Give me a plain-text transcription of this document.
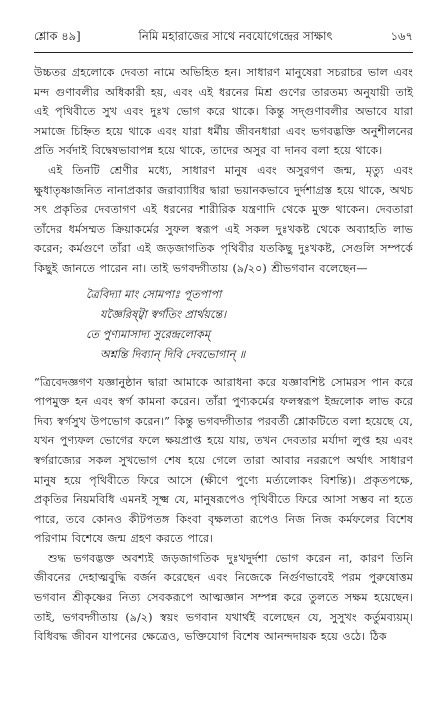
শ্লোক ৪৯]	নিমি মহারাজের সাথে নবযোগেন্দ্রের সাক্ষাৎ	১৬৭

উচ্চতর গ্রহলোকে দেবতা নামে অভিহিত হন। সাধারণ মানুষেরা সচরাচর ভাল এবং মন্দ গুণাবলীর অধিকারী হয়, এবং এই ধরনের মিশ্র গুণের তারতম্য অনুযায়ী তাই এই পৃথিবীতে সুখ এবং দুঃখ ভোগ করে থাকে। কিন্তু সদ্গুণাবলীর অভাবে যারা সমাজে চিহ্নিত হয়ে থাকে এবং যারা ধর্মীয় জীবনধারা এবং ভগবদ্ভক্তি অনুশীলনের প্রতি সর্বদাই বিদ্বেষভাবাপন্ন হয়ে থাকে, তাদের অসুর বা দানব বলা হয়ে থাকে।

এই তিনটি শ্রেণীর মধ্যে, সাধারণ মানুষ এবং অসুরগণ জন্ম, মৃত্যু এবং ক্ষুধাতৃষ্ণাজনিত নানাপ্রকার জরাব্যাধির দ্বারা ভয়ানকভাবে দুর্দশাগ্রস্ত হয়ে থাকে, অথচ সৎ প্রকৃতির দেবতাগণ এই ধরনের শারীরিক যন্ত্রণাদি থেকে মুক্ত থাকেন। দেবতারা তাঁদের ধর্মসম্মত ক্রিয়াকর্মের সুফল স্বরূপ এই সকল দুঃখকষ্ট থেকে অব্যাহতি লাভ করেন; কর্মগুণে তাঁরা এই জড়জাগতিক পৃথিবীর যতকিছু দুঃখকষ্ট, সেগুলি সম্পর্কে কিছুই জানতে পারেন না। তাই ভগবদ্গীতায় (৯/২০) শ্রীভগবান বলেছেন—

ত্রৈবিদ্যা মাং সোমপাঃ পূতপাপা
যজ্ঞৈরিষ্ট্বা স্বর্গতিং প্রার্থয়ন্তে।
তে পুণ্যমাসাদ্য সুরেন্দ্রলোকম্
অশ্নন্তি দিব্যান্ দিবি দেবভোগান্ ॥

“ত্রিবেদজ্ঞগণ যজ্ঞানুষ্ঠান দ্বারা আমাকে আরাধনা করে যজ্ঞাবশিষ্ট সোমরস পান করে পাপমুক্ত হন এবং স্বর্গ কামনা করেন। তাঁরা পুণ্যকর্মের ফলস্বরূপ ইন্দ্রলোক লাভ করে দিব্য স্বর্গসুখ উপভোগ করেন।” কিন্তু ভগবদ্গীতার পরবর্তী শ্লোকটিতে বলা হয়েছে যে, যখন পুণ্যফল ভোগের ফলে ক্ষয়প্রাপ্ত হয়ে যায়, তখন দেবতার মর্যাদা লুপ্ত হয় এবং স্বর্গরাজ্যের সকল সুখভোগ শেষ হয়ে গেলে তারা আবার নররূপে অর্থাৎ সাধারণ মানুষ হয়ে পৃথিবীতে ফিরে আসে (ক্ষীণে পুণ্যে মর্ত্যলোকং বিশন্তি)। প্রকৃতপক্ষে, প্রকৃতির নিয়মবিধি এমনই সূক্ষ্ম যে, মানুষরূপেও পৃথিবীতে ফিরে আসা সম্ভব না হতে পারে, তবে কোনও কীটপতঙ্গ কিংবা বৃক্ষলতা রূপেও নিজ নিজ কর্মফলের বিশেষ পরিণাম বিশেষে জন্ম গ্রহণ করতে পারে।

শুদ্ধ ভগবদ্ভক্ত অবশ্যই জড়জাগতিক দুঃখদুর্দশা ভোগ করেন না, কারণ তিনি জীবনের দেহাত্মবুদ্ধি বর্জন করেছেন এবং নিজেকে নির্গুণভাবেই পরম পুরুষোত্তম ভগবান শ্রীকৃষ্ণের নিত্য সেবকরূপে আত্মজ্ঞান সম্পন্ন করে তুলতে সক্ষম হয়েছেন। তাই, ভগবদ্গীতায় (৯/২) স্বয়ং ভগবান যথার্থই বলেছেন যে, সুসুখং কর্তুমব্যয়ম্। বিধিবদ্ধ জীবন যাপনের ক্ষেত্রেও, ভক্তিযোগ বিশেষ আনন্দদায়ক হয়ে ওঠে। ঠিক
